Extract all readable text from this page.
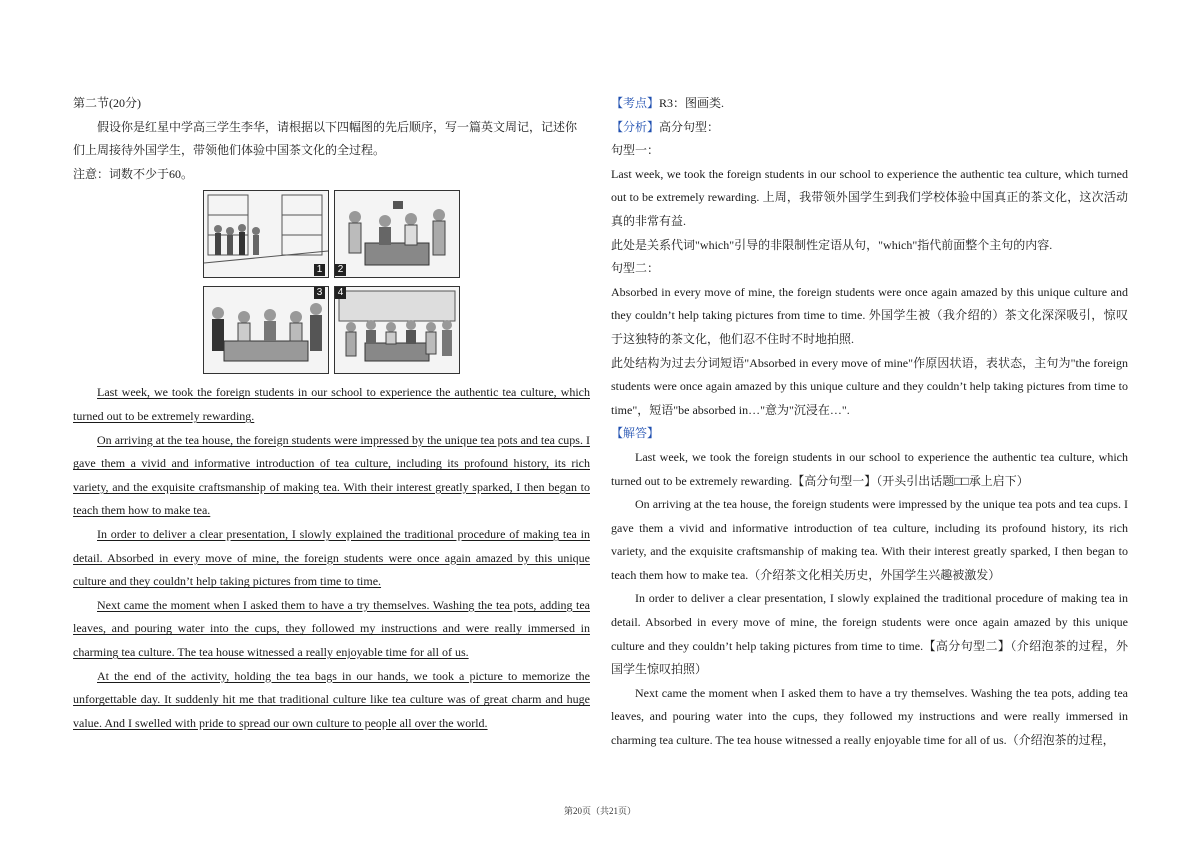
第二节(20分)

假设你是红星中学高三学生李华，请根据以下四幅图的先后顺序，写一篇英文周记，记述你

们上周接待外国学生，带领他们体验中国茶文化的全过程。

注意：词数不少于60。

1 2
3 4

Last week, we took the foreign students in our school to experience the authentic tea culture, which turned out to be extremely rewarding.

On arriving at the tea house, the foreign students were impressed by the unique tea pots and tea cups. I gave them a vivid and informative introduction of tea culture, including its profound history, its rich variety, and the exquisite craftsmanship of making tea. With their interest greatly sparked, I then began to teach them how to make tea.

In order to deliver a clear presentation, I slowly explained the traditional procedure of making tea in detail. Absorbed in every move of mine, the foreign students were once again amazed by this unique culture and they couldn’t help taking pictures from time to time.

Next came the moment when I asked them to have a try themselves. Washing the tea pots, adding tea leaves, and pouring water into the cups, they followed my instructions and were really immersed in charming tea culture. The tea house witnessed a really enjoyable time for all of us.

At the end of the activity, holding the tea bags in our hands, we took a picture to memorize the unforgettable day. It suddenly hit me that traditional culture like tea culture was of great charm and huge value. And I swelled with pride to spread our own culture to people all over the world.

【考点】R3：图画类.

【分析】高分句型：

句型一：

Last week, we took the foreign students in our school to experience the authentic tea culture, which turned out to be extremely rewarding. 上周，我带领外国学生到我们学校体验中国真正的茶文化，这次活动真的非常有益.

此处是关系代词"which"引导的非限制性定语从句，"which"指代前面整个主句的内容.

句型二：

Absorbed in every move of mine, the foreign students were once again amazed by this unique culture and they couldn’t help taking pictures from time to time. 外国学生被（我介绍的）茶文化深深吸引，惊叹于这独特的茶文化，他们忍不住时不时地拍照.

此处结构为过去分词短语"Absorbed in every move of mine"作原因状语，表状态，主句为"the foreign students were once again amazed by this unique culture and they couldn’t help taking pictures from time to time"，短语"be absorbed in…"意为"沉浸在…".

【解答】

Last week, we took the foreign students in our school to experience the authentic tea culture, which turned out to be extremely rewarding.【高分句型一】（开头引出话题□□承上启下）

On arriving at the tea house, the foreign students were impressed by the unique tea pots and tea cups. I gave them a vivid and informative introduction of tea culture, including its profound history, its rich variety, and the exquisite craftsmanship of making tea. With their interest greatly sparked, I then began to teach them how to make tea.（介绍茶文化相关历史，外国学生兴趣被激发）

In order to deliver a clear presentation, I slowly explained the traditional procedure of making tea in detail. Absorbed in every move of mine, the foreign students were once again amazed by this unique culture and they couldn’t help taking pictures from time to time.【高分句型二】（介绍泡茶的过程，外国学生惊叹拍照）

Next came the moment when I asked them to have a try themselves. Washing the tea pots, adding tea leaves, and pouring water into the cups, they followed my instructions and were really immersed in charming tea culture. The tea house witnessed a really enjoyable time for all of us.（介绍泡茶的过程，

第20页（共21页）
